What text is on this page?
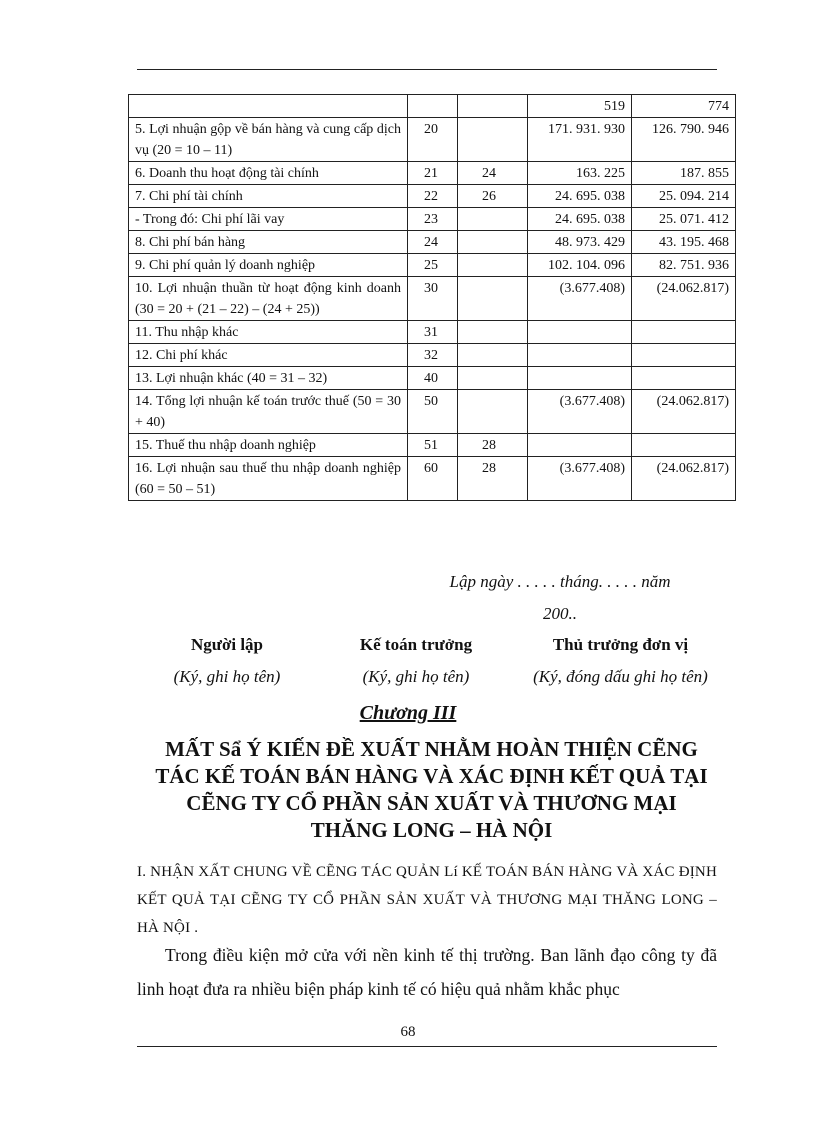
			519	774
5. Lợi nhuận gộp về bán hàng và cung cấp dịch vụ (20 = 10 – 11)	20		171. 931. 930	126. 790. 946
6. Doanh thu hoạt động tài chính	21	24	163. 225	187. 855
7. Chi phí tài chính	22	26	24. 695. 038	25. 094. 214
- Trong đó: Chi phí lãi vay	23		24. 695. 038	25. 071. 412
8. Chi phí bán hàng	24		48. 973. 429	43. 195. 468
9. Chi phí quản lý doanh nghiệp	25		102. 104. 096	82. 751. 936
10. Lợi nhuận thuần từ hoạt động kinh doanh (30 = 20 + (21 – 22) – (24 + 25))	30		(3.677.408)	(24.062.817)
11. Thu nhập khác	31			
12. Chi phí khác	32			
13. Lợi nhuận khác (40 = 31 – 32)	40			
14. Tổng lợi nhuận kế toán trước thuế (50 = 30 + 40)	50		(3.677.408)	(24.062.817)
15. Thuế thu nhập doanh nghiệp	51	28		
16. Lợi nhuận sau thuế thu nhập doanh nghiệp (60 = 50 – 51)	60	28	(3.677.408)	(24.062.817)
Lập ngày . . . . . tháng. . . . . năm
200..
Người lập	Kế toán trưởng	Thủ trưởng đơn vị
(Ký, ghi họ tên)	(Ký, ghi họ tên)	(Ký, đóng dấu ghi họ tên)
Chương III
MẤT Sẩ Ý KIẾN ĐỀ XUẤT NHẰM HOÀN THIỆN CẼNG
TÁC KẾ TOÁN BÁN HÀNG VÀ XÁC ĐỊNH KẾT QUẢ TẠI
CẼNG TY CỔ PHẦN SẢN XUẤT VÀ THƯƠNG MẠI
THĂNG LONG – HÀ NỘI
I. NHẬN XẤT CHUNG VỀ CẼNG TÁC QUẢN Lí KẾ TOÁN BÁN HÀNG VÀ XÁC ĐỊNH KẾT QUẢ TẠI CẼNG TY CỔ PHẦN SẢN XUẤT VÀ THƯƠNG MẠI THĂNG LONG – HÀ NỘI .
Trong điều kiện mở cửa với nền kinh tế thị trường. Ban lãnh đạo công ty đã linh hoạt đưa ra nhiều biện pháp kinh tế có hiệu quả nhằm khắc phục
68
